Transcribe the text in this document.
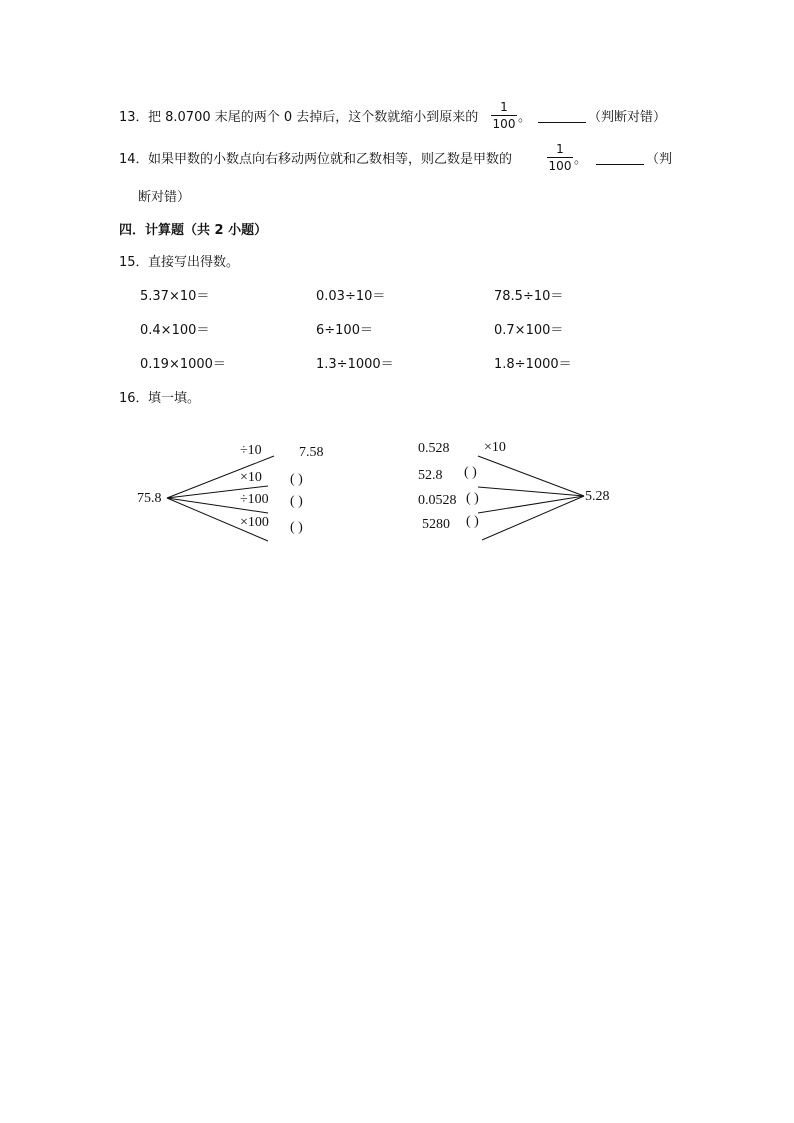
13． 把 8.0700 末尾的两个 0 去掉后，这个数就缩小到原来的
1
100 。	（判断对错）
14． 如果甲数的小数点向右移动两位就和乙数相等，则乙数是甲数的
1
100 。	（判
断对错）
四．计算题（共 2 小题）
15． 直接写出得数。
5.37×10＝	0.03÷10＝	78.5÷10＝
0.4×100＝	6÷100＝	0.7×100＝
0.19×1000＝	1.3÷1000＝	1.8÷1000＝
16． 填一填。
75.8
÷10
×10
÷100
×100
7.58
( )
( )
( )
0.528 ×10
52.8 ( )
0.0528 ( )
5280 ( )
5.28
